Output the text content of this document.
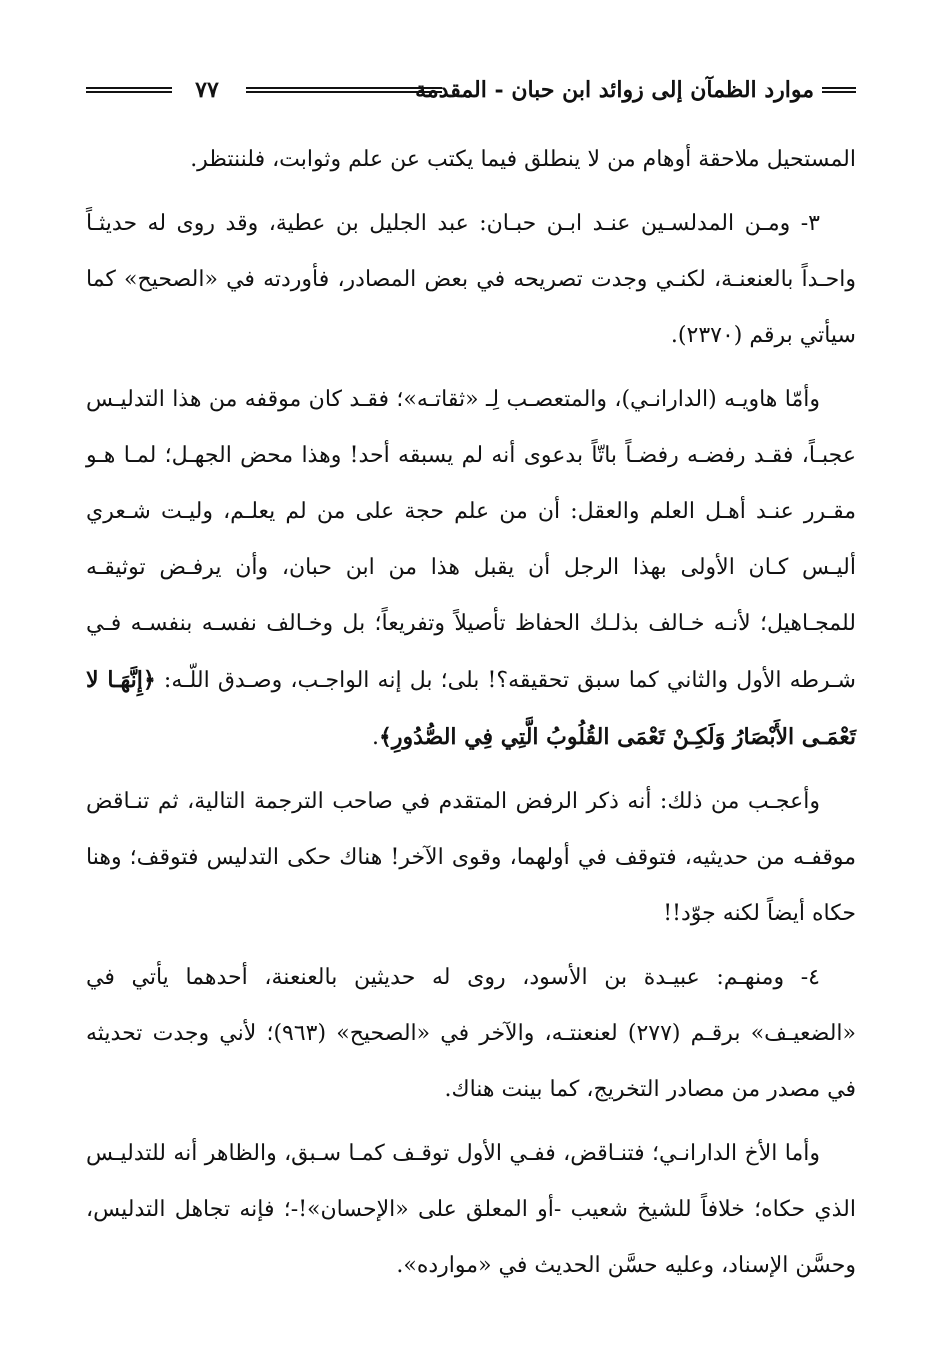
موارد الظمآن إلى زوائد ابن حبان - المقدمة
٧٧

المستحيل ملاحقة أوهام من لا ينطلق فيما يكتب عن علم وثوابت، فلننتظر.

٣- ومـن المدلسـين عنـد ابـن حبـان: عبد الجليل بن عطية، وقد روى له حديثـاً واحـداً بالعنعنـة، لكنـي وجدت تصريحه في بعض المصادر، فأوردته في «الصحيح» كما سيأتي برقم (٢٣٧٠).

وأمّا هاويـه (الدارانـي)، والمتعصـب لِـ «ثقاتـه»؛ فقـد كان موقفه من هذا التدليـس عجبـاً، فقـد رفضـه رفضـاً باتّاً بدعوى أنه لم يسبقه أحد! وهذا محض الجهـل؛ لمـا هـو مقـرر عنـد أهـل العلم والعقل: أن من علم حجة على من لم يعلـم، وليـت شـعري أليـس كـان الأولى بهذا الرجل أن يقبل هذا من ابن حبان، وأن يرفـض توثيقـه للمجـاهيل؛ لأنـه خـالف بذلـك الحفاظ تأصيلاً وتفريعاً؛ بل وخـالف نفسـه بنفسـه فـي شـرطه الأول والثاني كما سبق تحقيقه؟! بلى؛ بل إنه الواجـب، وصـدق اللّـه: ﴿إِنَّهَـا لا تَعْمَـى الأَبْصَارُ وَلَكِـنْ تَعْمَى القُلُوبُ الَّتِي فِي الصُّدُورِ﴾.

وأعجـب من ذلك: أنه ذكر الرفض المتقدم في صاحب الترجمة التالية، ثم تنـاقض موقفـه من حديثيه، فتوقف في أولهما، وقوى الآخر! هناك حكى التدليس فتوقف؛ وهنا حكاه أيضاً لكنه جوّد!!

٤- ومنهـم: عبيـدة بن الأسود، روى له حديثين بالعنعنة، أحدهما يأتي في «الضعيـف» برقـم (٢٧٧) لعنعنتـه، والآخر في «الصحيح» (٩٦٣)؛ لأني وجدت تحديثه في مصدر من مصادر التخريج، كما بينت هناك.

وأما الأخ الدارانـي؛ فتنـاقض، ففـي الأول توقـف كمـا سـبق، والظاهر أنه للتدليـس الذي حكاه؛ خلافاً للشيخ شعيب -أو المعلق على «الإحسان»!-؛ فإنه تجاهل التدليس، وحسَّن الإسناد، وعليه حسَّن الحديث في «موارده».
